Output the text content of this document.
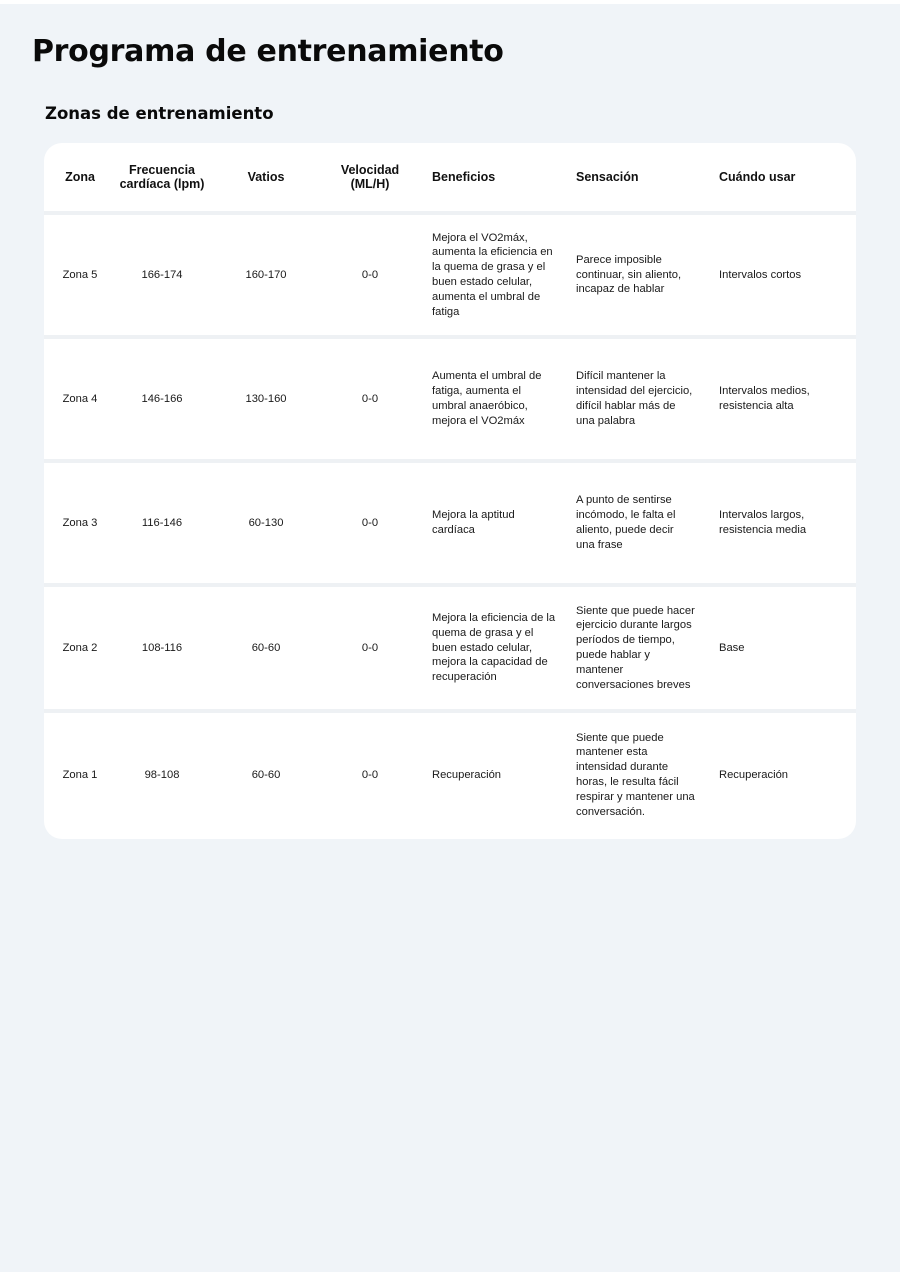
Programa de entrenamiento
Zonas de entrenamiento
Zona	Frecuencia cardíaca (lpm)	Vatios	Velocidad (ML/H)	Beneficios	Sensación	Cuándo usar
Zona 5	166-174	160-170	0-0	Mejora el VO2máx, aumenta la eficiencia en la quema de grasa y el buen estado celular, aumenta el umbral de fatiga	Parece imposible continuar, sin aliento, incapaz de hablar	Intervalos cortos
Zona 4	146-166	130-160	0-0	Aumenta el umbral de fatiga, aumenta el umbral anaeróbico, mejora el VO2máx	Difícil mantener la intensidad del ejercicio, difícil hablar más de una palabra	Intervalos medios, resistencia alta
Zona 3	116-146	60-130	0-0	Mejora la aptitud cardíaca	A punto de sentirse incómodo, le falta el aliento, puede decir una frase	Intervalos largos, resistencia media
Zona 2	108-116	60-60	0-0	Mejora la eficiencia de la quema de grasa y el buen estado celular, mejora la capacidad de recuperación	Siente que puede hacer ejercicio durante largos períodos de tiempo, puede hablar y mantener conversaciones breves	Base
Zona 1	98-108	60-60	0-0	Recuperación	Siente que puede mantener esta intensidad durante horas, le resulta fácil respirar y mantener una conversación.	Recuperación
